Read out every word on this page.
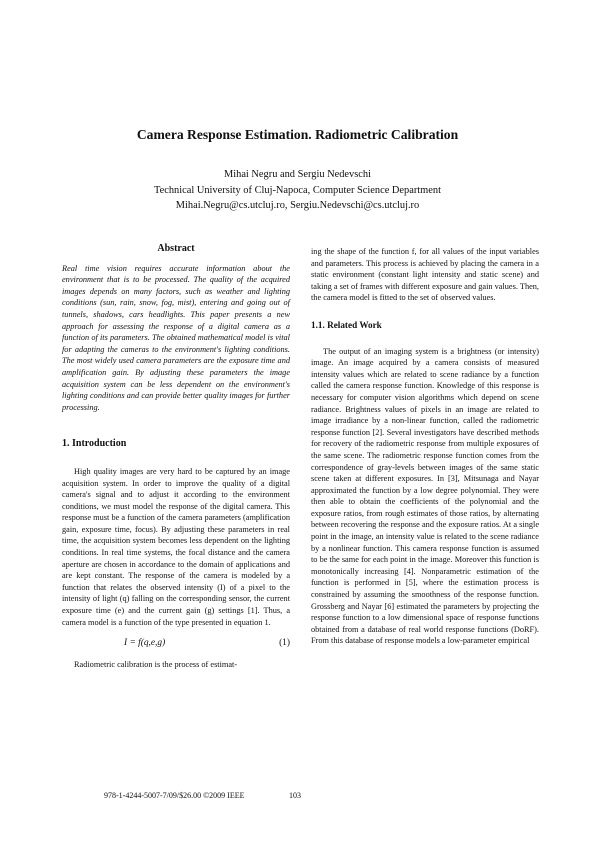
Camera Response Estimation. Radiometric Calibration
Mihai Negru and Sergiu Nedevschi
Technical University of Cluj-Napoca, Computer Science Department
Mihai.Negru@cs.utcluj.ro, Sergiu.Nedevschi@cs.utcluj.ro
Abstract

Real time vision requires accurate information about the environment that is to be processed. The quality of the acquired images depends on many factors, such as weather and lighting conditions (sun, rain, snow, fog, mist), entering and going out of tunnels, shadows, cars headlights. This paper presents a new approach for assessing the response of a digital camera as a function of its parameters. The obtained mathematical model is vital for adapting the cameras to the environment's lighting conditions. The most widely used camera parameters are the exposure time and amplification gain. By adjusting these parameters the image acquisition system can be less dependent on the environment's lighting conditions and can provide better quality images for further processing.

1. Introduction

High quality images are very hard to be captured by an image acquisition system. In order to improve the quality of a digital camera's signal and to adjust it according to the environment conditions, we must model the response of the digital camera. This response must be a function of the camera parameters (amplification gain, exposure time, focus). By adjusting these parameters in real time, the acquisition system becomes less dependent on the lighting conditions. In real time systems, the focal distance and the camera aperture are chosen in accordance to the domain of applications and are kept constant. The response of the camera is modeled by a function that relates the observed intensity (I) of a pixel to the intensity of light (q) falling on the corresponding sensor, the current exposure time (e) and the current gain (g) settings [1]. Thus, a camera model is a function of the type presented in equation 1.

I = f(q,e,g)	(1)

Radiometric calibration is the process of estimat-

ing the shape of the function f, for all values of the input variables and parameters. This process is achieved by placing the camera in a static environment (constant light intensity and static scene) and taking a set of frames with different exposure and gain values. Then, the camera model is fitted to the set of observed values.

1.1. Related Work

The output of an imaging system is a brightness (or intensity) image. An image acquired by a camera consists of measured intensity values which are related to scene radiance by a function called the camera response function. Knowledge of this response is necessary for computer vision algorithms which depend on scene radiance. Brightness values of pixels in an image are related to image irradiance by a non-linear function, called the radiometric response function [2]. Several investigators have described methods for recovery of the radiometric response from multiple exposures of the same scene. The radiometric response function comes from the correspondence of gray-levels between images of the same static scene taken at different exposures. In [3], Mitsunaga and Nayar approximated the function by a low degree polynomial. They were then able to obtain the coefficients of the polynomial and the exposure ratios, from rough estimates of those ratios, by alternating between recovering the response and the exposure ratios. At a single point in the image, an intensity value is related to the scene radiance by a nonlinear function. This camera response function is assumed to be the same for each point in the image. Moreover this function is monotonically increasing [4]. Nonparametric estimation of the function is performed in [5], where the estimation process is constrained by assuming the smoothness of the response function. Grossberg and Nayar [6] estimated the parameters by projecting the response function to a low dimensional space of response functions obtained from a database of real world response functions (DoRF). From this database of response models a low-parameter empirical

978-1-4244-5007-7/09/$26.00 ©2009 IEEE	103
